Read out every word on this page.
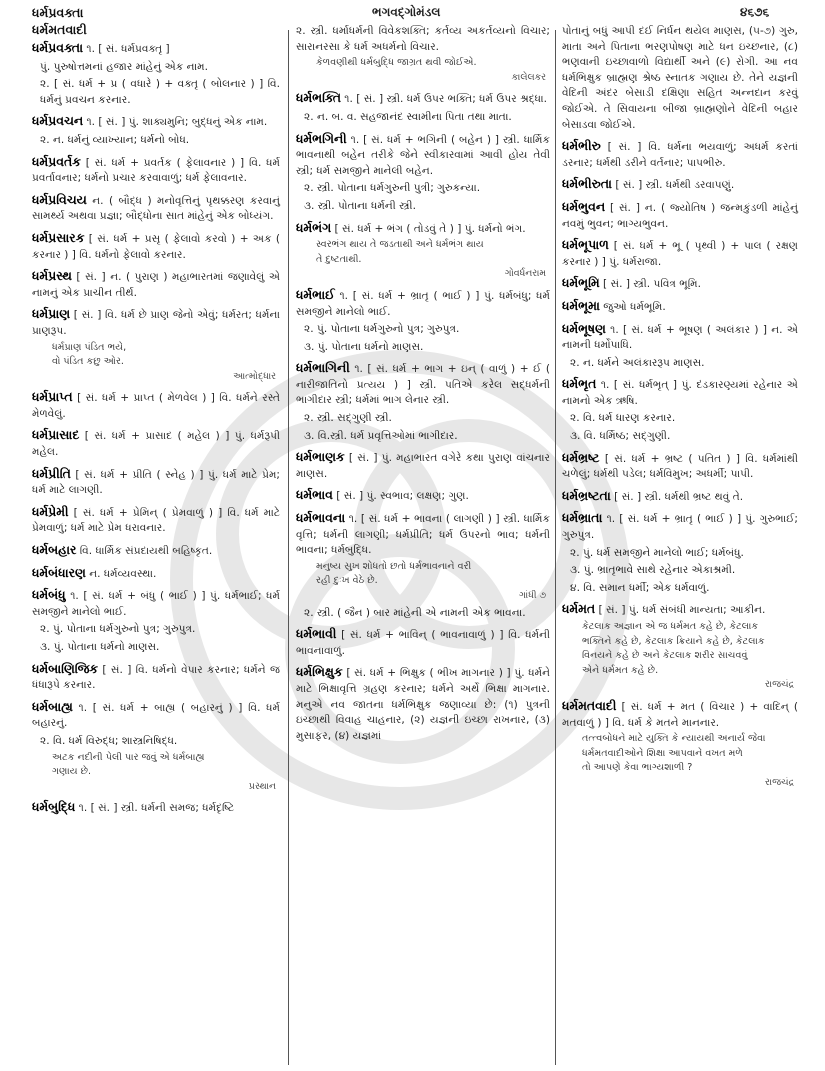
ધર્મપ્રવક્તા
ધર્મમતવાદી
ભગવદ્ગોમંડલ	૪૬૭૬
ધર્મપ્રવક્તા ૧. [ સં. ધર્મપ્રવક્તૃ ]
પું. પુરુષોત્તમનાં હજાર માંહેનું એક નામ.
૨. [ સં. ધર્મ + પ્ર ( વધારે ) + વક્તૃ ( બોલનાર ) ] વિ. ધર્મનું પ્રવચન કરનાર.
ધર્મપ્રવચન ૧. [ સં. ] પું. શાક્યમુનિ; બુદ્ધનું એક નામ.
૨. ન. ધર્મનું વ્યાખ્યાન; ધર્મનો બોધ.
ધર્મપ્રવર્તક [ સં. ધર્મ + પ્રવર્તક ( ફેલાવનાર ) ] વિ. ધર્મ પ્રવર્તાવનાર; ધર્મનો પ્રચાર કરવાવાળું; ધર્મ ફેલાવનાર.
ધર્મપ્રવિચય ન. ( બૌદ્ધ ) મનોવૃત્તિનું પૃથક્કરણ કરવાનું સામર્થ્ય અથવા પ્રજ્ઞા; બૌદ્ધોના સાત માંહેનું એક બોધ્યંગ.
ધર્મપ્રસારક [ સં. ધર્મ + પ્રસૃ ( ફેલાવો કરવો ) + અક ( કરનાર ) ] વિ. ધર્મનો ફેલાવો કરનાર.
ધર્મપ્રસ્થ [ સં. ] ન. ( પુરાણ ) મહાભારતમાં જણાવેલું એ નામનું એક પ્રાચીન તીર્થ.
ધર્મપ્રાણ [ સં. ] વિ. ધર્મ છે પ્રાણ જેનો એવું; ધર્મરત; ધર્મના પ્રાણરૂપ.
ધર્મપ્રાણ પંડિત ભયે,
વો પંડિત કછુ ઓર.
આત્મોદ્ધાર
ધર્મપ્રાપ્ત [ સં. ધર્મ + પ્રાપ્ત ( મેળવેલ ) ] વિ. ધર્મને રસ્તે મેળવેલું.
ધર્મપ્રાસાદ [ સં. ધર્મ + પ્રાસાદ ( મહેલ ) ] પું. ધર્મરૂપી મહેલ.
ધર્મપ્રીતિ [ સં. ધર્મ + પ્રીતિ ( સ્નેહ ) ] પું. ધર્મ માટે પ્રેમ; ધર્મ માટે લાગણી.
ધર્મપ્રેમી [ સં. ધર્મ + પ્રેમિન્ ( પ્રેમવાળું ) ] વિ. ધર્મ માટે પ્રેમવાળું; ધર્મ માટે પ્રેમ ધરાવનાર.
ધર્મબહાર વિ. ધાર્મિક સંપ્રદાયથી બહિષ્કૃત.
ધર્મબંધારણ ન. ધર્મવ્યવસ્થા.
ધર્મબંધુ ૧. [ સં. ધર્મ + બંધુ ( ભાઈ ) ] પું. ધર્મભાઈ; ધર્મ સમજીને માનેલો ભાઈ.
૨. પું. પોતાના ધર્મગુરુનો પુત્ર; ગુરુપુત્ર.
૩. પું. પોતાના ધર્મનો માણસ.
ધર્મબાણિજિક [ સં. ] વિ. ધર્મનો વેપાર કરનાર; ધર્મને જ ધંધારૂપે કરનાર.
ધર્મબાહ્ય ૧. [ સં. ધર્મ + બાહ્ય ( બહારનું ) ] વિ. ધર્મ બહારનું.
૨. વિ. ધર્મ વિરુદ્ધ; શાસ્ત્રનિષિદ્ધ.
અટક નદીની પેલી પાર જવું એ ધર્મબાહ્ય
ગણાય છે.
પ્રસ્થાન
ધર્મબુદ્ધિ ૧. [ સં. ] સ્ત્રી. ધર્મની સમજ; ધર્મદૃષ્ટિ
૨. સ્ત્રી. ધર્માધર્મની વિવેકશક્તિ; કર્તવ્ય અકર્તવ્યનો વિચાર; સારાનરસા કે ધર્મ અધર્મનો વિચાર.
કેળવણીથી ધર્મબુદ્ધિ જાગ્રત થવી જોઈએ.
કાલેલકર
ધર્મભક્તિ ૧. [ સં. ] સ્ત્રી. ધર્મ ઉપર ભક્તિ; ધર્મ ઉપર શ્રદ્ધા.
૨. ન. બ. વ. સહજાનંદ સ્વામીના પિતા તથા માતા.
ધર્મભગિની ૧. [ સં. ધર્મ + ભગિની ( બહેન ) ] સ્ત્રી. ધાર્મિક ભાવનાથી બહેન તરીકે જેને સ્વીકારવામાં આવી હોય તેવી સ્ત્રી; ધર્મ સમજીને માનેલી બહેન.
૨. સ્ત્રી. પોતાના ધર્મગુરુની પુત્રી; ગુરુકન્યા.
૩. સ્ત્રી. પોતાના ધર્મની સ્ત્રી.
ધર્મભંગ [ સં. ધર્મ + ભંગ ( તોડવું તે ) ] પું. ધર્મનો ભંગ.
સ્વરભંગ થાય તે જડતાથી અને ધર્મભંગ થાય
તે દુષ્ટતાથી.
ગોવર્ધનરામ
ધર્મભાઈ ૧. [ સં. ધર્મ + ભ્રાતૃ ( ભાઈ ) ] પું. ધર્મબંધુ; ધર્મ સમજીને માનેલો ભાઈ.
૨. પું. પોતાના ધર્મગુરુનો પુત્ર; ગુરુપુત્ર.
૩. પું. પોતાના ધર્મનો માણસ.
ધર્મભાગિની ૧. [ સં. ધર્મ + ભાગ + ઇન્ ( વાળું ) + ઈ ( નારીજાતિનો પ્રત્યય ) ] સ્ત્રી. પતિએ કરેલ સદ્ધર્મની ભાગીદાર સ્ત્રી; ધર્મમાં ભાગ લેનાર સ્ત્રી.
૨. સ્ત્રી. સદ્ગુણી સ્ત્રી.
૩. વિ.સ્ત્રી. ધર્મ પ્રવૃત્તિઓમાં ભાગીદાર.
ધર્મભાણક [ સં. ] પું. મહાભારત વગેરે કથા પુરાણ વાંચનાર માણસ.
ધર્મભાવ [ સં. ] પું. સ્વભાવ; લક્ષણ; ગુણ.
ધર્મભાવના ૧. [ સં. ધર્મ + ભાવના ( લાગણી ) ] સ્ત્રી. ધાર્મિક વૃત્તિ; ધર્મની લાગણી; ધર્મપ્રીતિ; ધર્મ ઉપરનો ભાવ; ધર્મની ભાવના; ધર્મબુદ્ધિ.
મનુષ્ય સુખ શોધતો છતો ધર્મભાવનાને વરી
રહી દુઃખ વેઠે છે.
ગાંધી ૭
૨. સ્ત્રી. ( જૈન ) બાર માંહેની એ નામની એક ભાવના.
ધર્મભાવી [ સં. ધર્મ + ભાવિન્ ( ભાવનાવાળું ) ] વિ. ધર્મની ભાવનાવાળું.
ધર્મભિક્ષુક [ સં. ધર્મ + ભિક્ષુક ( ભીખ માગનાર ) ] પું. ધર્મને માટે ભિક્ષાવૃત્તિ ગ્રહણ કરનાર; ધર્મને અર્થે ભિક્ષા માગનાર. મનુએ નવ જાતના ધર્મભિક્ષુક જણાવ્યા છે: (૧) પુત્રની ઇચ્છાથી વિવાહ ચાહનાર, (૨) યજ્ઞની ઇચ્છા રાખનાર, (૩) મુસાફર, (૪) યજ્ઞમાં
પોતાનું બધું આપી દઈ નિર્ધન થયેલ માણસ, (૫-૭) ગુરુ, માતા અને પિતાના ભરણપોષણ માટે ધન ઇચ્છનાર, (૮) ભણવાની ઇચ્છાવાળો વિદ્યાર્થી અને (૯) રોગી. આ નવ ધર્મભિક્ષુક બ્રાહ્મણ શ્રેષ્ઠ સ્નાતક ગણાય છે. તેને યજ્ઞની વેદિની અંદર બેસાડી દક્ષિણા સહિત અન્નદાન કરવું જોઈએ. તે સિવાયના બીજા બ્રાહ્મણોને વેદિની બહાર બેસાડવા જોઈએ.
ધર્મભીરુ [ સં. ] વિ. ધર્મના ભયવાળું; અધર્મ કરતાં ડરનાર; ધર્મથી ડરીને વર્તનાર; પાપભીરુ.
ધર્મભીરુતા [ સં. ] સ્ત્રી. ધર્મથી ડરવાપણું.
ધર્મભુવન [ સં. ] ન. ( જ્યોતિષ ) જન્મકુંડળી માંહેનું નવમું ભુવન; ભાગ્યભુવન.
ધર્મભૂપાળ [ સં. ધર્મ + ભૂ ( પૃથ્વી ) + પાલ ( રક્ષણ કરનાર ) ] પું. ધર્મરાજા.
ધર્મભૂમિ [ સં. ] સ્ત્રી. પવિત્ર ભૂમિ.
ધર્મભૂમા જુઓ ધર્મભૂમિ.
ધર્મભૂષણ ૧. [ સં. ધર્મ + ભૂષણ ( અલંકાર ) ] ન. એ નામની ધર્મોપાધિ.
૨. ન. ધર્મને અલંકારરૂપ માણસ.
ધર્મભૃત ૧. [ સં. ધર્મભૃત્ ] પું. દંડકારણ્યમાં રહેનાર એ નામનો એક ઋષિ.
૨. વિ. ધર્મ ધારણ કરનાર.
૩. વિ. ધર્મિષ્ઠ; સદ્ગુણી.
ધર્મભ્રષ્ટ [ સં. ધર્મ + ભ્રષ્ટ ( પતિત ) ] વિ. ધર્મમાંથી ચળેલું; ધર્મથી પડેલ; ધર્મવિમુખ; અધર્મી; પાપી.
ધર્મભ્રષ્ટતા [ સં. ] સ્ત્રી. ધર્મથી ભ્રષ્ટ થવું તે.
ધર્મભ્રાતા ૧. [ સં. ધર્મ + ભ્રાતૃ ( ભાઈ ) ] પું. ગુરુભાઈ; ગુરુપુત્ર.
૨. પું. ધર્મ સમજીને માનેલો ભાઈ; ધર્મબંધુ.
૩. પું. ભ્રાતૃભાવે સાથે રહેનાર એકાશ્રમી.
૪. વિ. સમાન ધર્મી; એક ધર્મવાળું.
ધર્મમત [ સં. ] પું. ધર્મ સંબંધી માન્યતા; આકીન.
કેટલાક અજ્ઞાન એ જ ધર્મમત કહે છે, કેટલાક
ભક્તિને કહે છે, કેટલાક ક્રિયાને કહે છે, કેટલાક
વિનયને કહે છે અને કેટલાક શરીર સાચવવું
એને ધર્મમત કહે છે.
રાજચંદ્ર
ધર્મમતવાદી [ સં. ધર્મ + મત ( વિચાર ) + વાદિન્ ( મતવાળું ) ] વિ. ધર્મ કે મતને માનનાર.
તત્ત્વબોધને માટે યુક્તિ કે ન્યાયથી અનાર્ય જેવા
ધર્મમતવાદીઓને શિક્ષા આપવાને વખત મળે
તો આપણે કેવા ભાગ્યશાળી ?
રાજચંદ્ર
